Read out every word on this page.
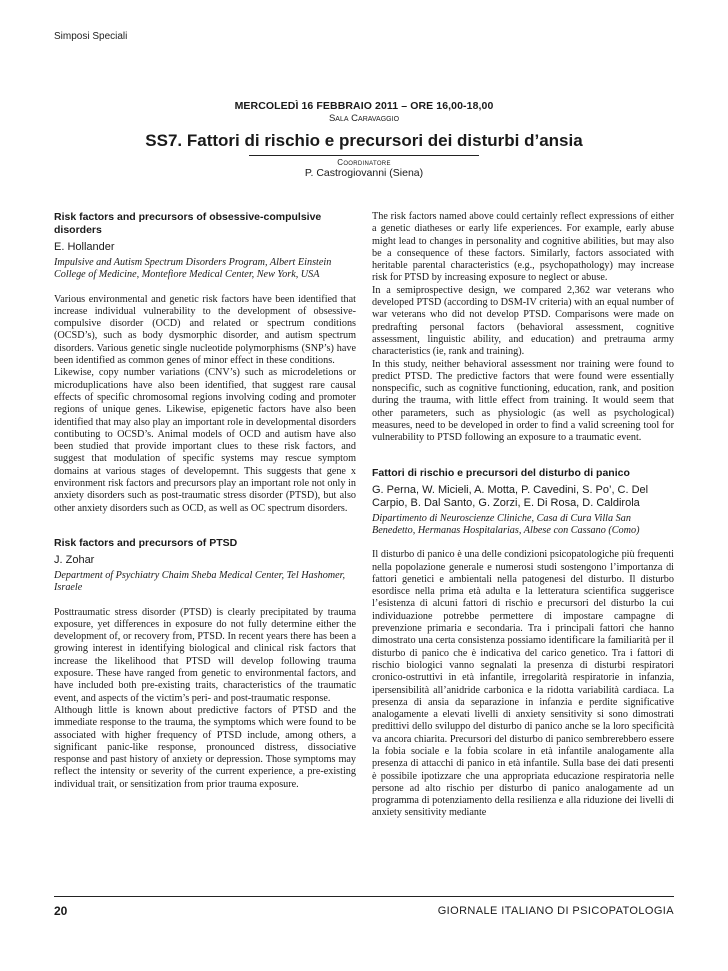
Simposi Speciali
MERCOLEDÌ 16 FEBBRAIO 2011 – ORE 16,00-18,00
Sala Caravaggio
SS7. Fattori di rischio e precursori dei disturbi d’ansia
Coordinatore
P. Castrogiovanni (Siena)
Risk factors and precursors of obsessive-compulsive disorders
E. Hollander
Impulsive and Autism Spectrum Disorders Program, Albert Einstein College of Medicine, Montefiore Medical Center, New York, USA

Various environmental and genetic risk factors have been identified that increase individual vulnerability to the development of obsessive-compulsive disorder (OCD) and related or spectrum conditions (OCSD’s), such as body dysmorphic disorder, and autism spectrum disorders. Various genetic single nucleotide polymorphisms (SNP’s) have been identified as common genes of minor effect in these conditions.

Likewise, copy number variations (CNV’s) such as microdeletions or microduplications have also been identified, that suggest rare causal effects of specific chromosomal regions involving coding and promoter regions of unique genes. Likewise, epigenetic factors have also been identified that may also play an important role in developmental disorders contibuting to OCSD’s. Animal models of OCD and autism have also been studied that provide important clues to these risk factors, and suggest that modulation of specific systems may rescue symptom domains at various stages of developemnt. This suggests that gene x environment risk factors and precursors play an important role not only in anxiety disorders such as post-traumatic stress disorder (PTSD), but also other anxiety disorders such as OCD, as well as OC spectrum disorders.

Risk factors and precursors of PTSD
J. Zohar
Department of Psychiatry Chaim Sheba Medical Center, Tel Hashomer, Israele

Posttraumatic stress disorder (PTSD) is clearly precipitated by trauma exposure, yet differences in exposure do not fully determine either the development of, or recovery from, PTSD. In recent years there has been a growing interest in identifying biological and clinical risk factors that increase the likelihood that PTSD will develop following trauma exposure. These have ranged from genetic to environmental factors, and have included both pre-existing traits, characteristics of the traumatic event, and aspects of the victim’s peri- and post-traumatic response.

Although little is known about predictive factors of PTSD and the immediate response to the trauma, the symptoms which were found to be associated with higher frequency of PTSD include, among others, a significant panic-like response, pronounced distress, dissociative response and past history of anxiety or depression. Those symptoms may reflect the intensity or severity of the current experience, a pre-existing individual trait, or sensitization from prior trauma exposure.

The risk factors named above could certainly reflect expressions of either a genetic diatheses or early life experiences. For example, early abuse might lead to changes in personality and cognitive abilities, but may also be a consequence of these factors. Similarly, factors associated with heritable parental characteristics (e.g., psychopathology) may increase risk for PTSD by increasing exposure to neglect or abuse.

In a semiprospective design, we compared 2,362 war veterans who developed PTSD (according to DSM-IV criteria) with an equal number of war veterans who did not develop PTSD. Comparisons were made on predrafting personal factors (behavioral assessment, cognitive assessment, linguistic ability, and education) and pretrauma army characteristics (ie, rank and training).

In this study, neither behavioral assessment nor training were found to predict PTSD. The predictive factors that were found were essentially nonspecific, such as cognitive functioning, education, rank, and position during the trauma, with little effect from training. It would seem that other parameters, such as physiologic (as well as psychological) measures, need to be developed in order to find a valid screening tool for vulnerability to PTSD following an exposure to a traumatic event.

Fattori di rischio e precursori del disturbo di panico
G. Perna, W. Micieli, A. Motta, P. Cavedini, S. Po’, C. Del Carpio, B. Dal Santo, G. Zorzi, E. Di Rosa, D. Caldirola
Dipartimento di Neuroscienze Cliniche, Casa di Cura Villa San Benedetto, Hermanas Hospitalarias, Albese con Cassano (Como)

Il disturbo di panico è una delle condizioni psicopatologiche più frequenti nella popolazione generale e numerosi studi sostengono l’importanza di fattori genetici e ambientali nella patogenesi del disturbo. Il disturbo esordisce nella prima età adulta e la letteratura scientifica suggerisce l’esistenza di alcuni fattori di rischio e precursori del disturbo la cui individuazione potrebbe permettere di impostare campagne di prevenzione primaria e secondaria. Tra i principali fattori che hanno dimostrato una certa consistenza possiamo identificare la familiarità per il disturbo di panico che è indicativa del carico genetico. Tra i fattori di rischio biologici vanno segnalati la presenza di disturbi respiratori cronico-ostruttivi in età infantile, irregolarità respiratorie in infanzia, ipersensibilità all’anidride carbonica e la ridotta variabilità cardiaca. La presenza di ansia da separazione in infanzia e perdite significative analogamente a elevati livelli di anxiety sensitivity si sono dimostrati predittivi dello sviluppo del disturbo di panico anche se la loro specificità va ancora chiarita. Precursori del disturbo di panico sembrerebbero essere la fobia sociale e la fobia scolare in età infantile analogamente alla presenza di attacchi di panico in età infantile. Sulla base dei dati presenti è possibile ipotizzare che una appropriata educazione respiratoria nelle persone ad alto rischio per disturbo di panico analogamente ad un programma di potenziamento della resilienza e alla riduzione dei livelli di anxiety sensitivity mediante

20	GIORNALE ITALIANO DI PSICOPATOLOGIA
